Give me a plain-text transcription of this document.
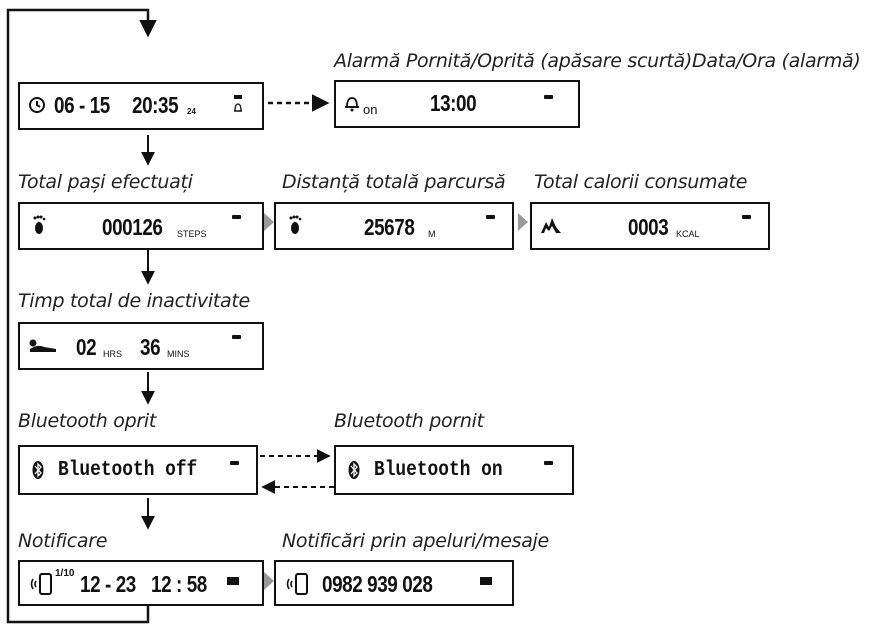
Alarmă Pornită/Oprită (apăsare scurtă)Data/Ora (alarmă)
Total pași efectuați	Distanță totală parcursă Total calorii consumate
Timp total de inactivitate
Bluetooth oprit	Bluetooth pornit
Notificare	Notificări prin apeluri/mesaje
06 - 15 20:35 24	on 13:00
000126 STEPS	25678 M	0003 KCAL
02 HRS 36 MINS
Bluetooth off	Bluetooth on
1/10 12 - 23 12 : 58	0982 939 028
